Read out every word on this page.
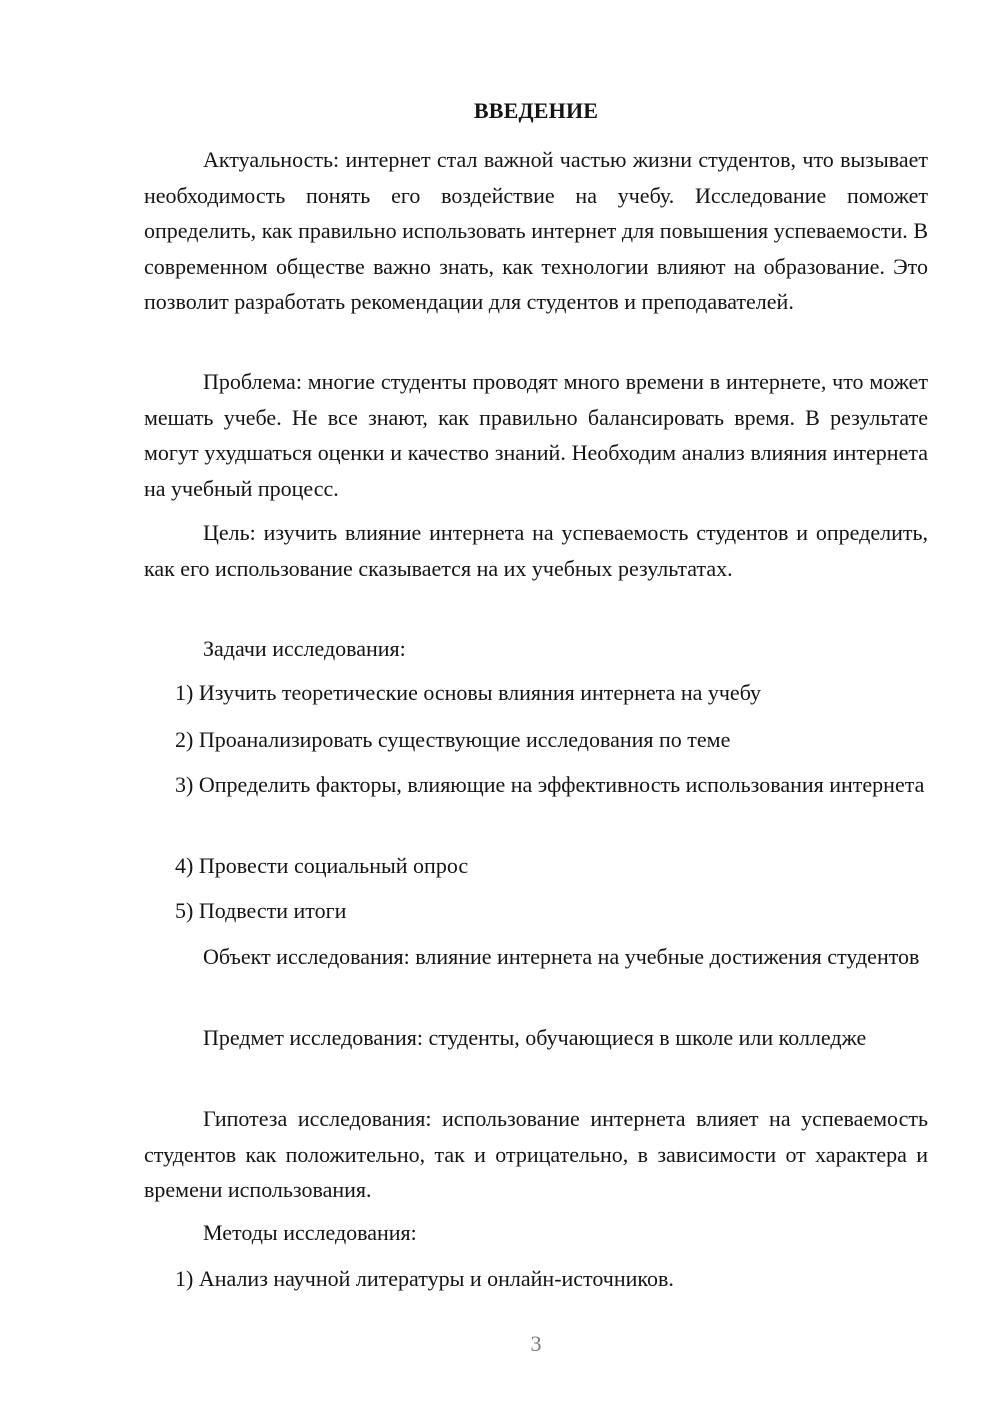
ВВЕДЕНИЕ

Актуальность: интернет стал важной частью жизни студентов, что вызывает необходимость понять его воздействие на учебу. Исследование поможет определить, как правильно использовать интернет для повышения успеваемости. В современном обществе важно знать, как технологии влияют на образование. Это позволит разработать рекомендации для студентов и преподавателей.

Проблема: многие студенты проводят много времени в интернете, что может мешать учебе. Не все знают, как правильно балансировать время. В результате могут ухудшаться оценки и качество знаний. Необходим анализ влияния интернета на учебный процесс.

Цель: изучить влияние интернета на успеваемость студентов и определить, как его использование сказывается на их учебных результатах.

Задачи исследования:

1) Изучить теоретические основы влияния интернета на учебу

2) Проанализировать существующие исследования по теме

3) Определить факторы, влияющие на эффективность использования интернета

4) Провести социальный опрос

5) Подвести итоги

Объект исследования: влияние интернета на учебные достижения студентов

Предмет исследования: студенты, обучающиеся в школе или колледже

Гипотеза исследования: использование интернета влияет на успеваемость студентов как положительно, так и отрицательно, в зависимости от характера и времени использования.

Методы исследования:

1) Анализ научной литературы и онлайн-источников.

3
